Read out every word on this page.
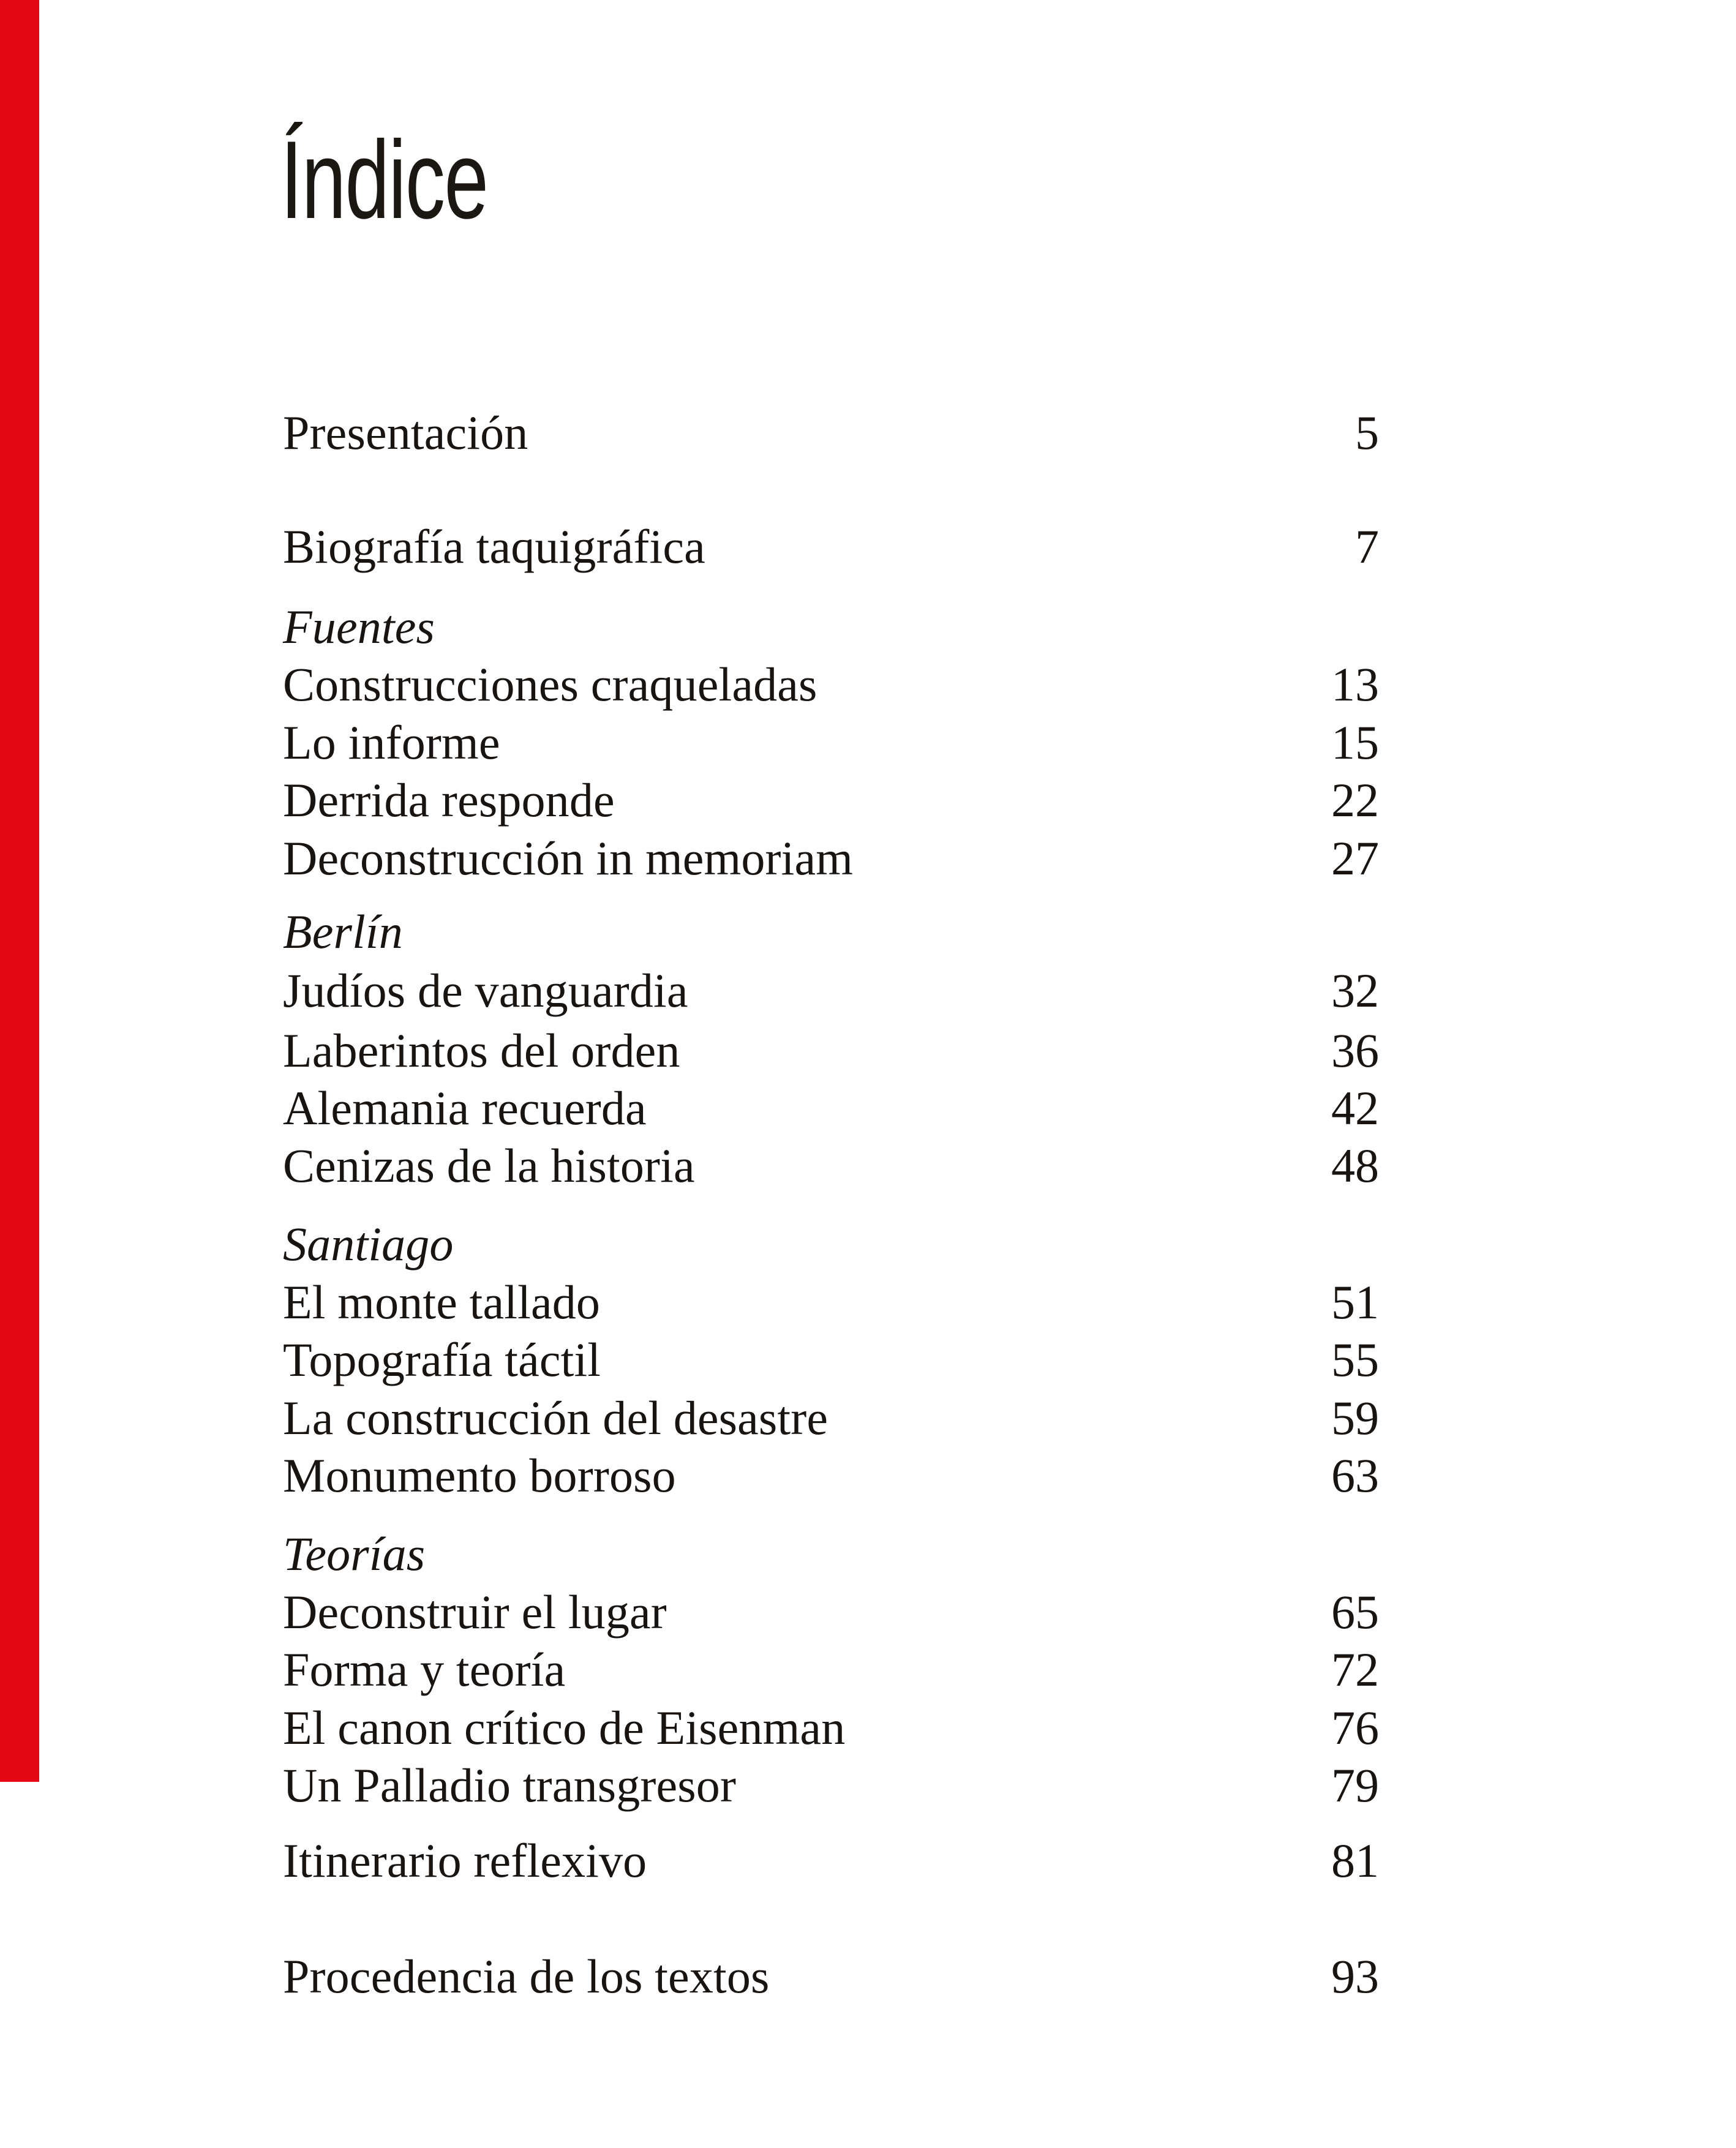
Índice
Presentación	5
Biografía taquigráfica	7
Fuentes
Construcciones craqueladas	13
Lo informe	15
Derrida responde	22
Deconstrucción in memoriam	27
Berlín
Judíos de vanguardia	32
Laberintos del orden	36
Alemania recuerda	42
Cenizas de la historia	48
Santiago
El monte tallado	51
Topografía táctil	55
La construcción del desastre	59
Monumento borroso	63
Teorías
Deconstruir el lugar	65
Forma y teoría	72
El canon crítico de Eisenman	76
Un Palladio transgresor	79
Itinerario reflexivo	81
Procedencia de los textos	93
